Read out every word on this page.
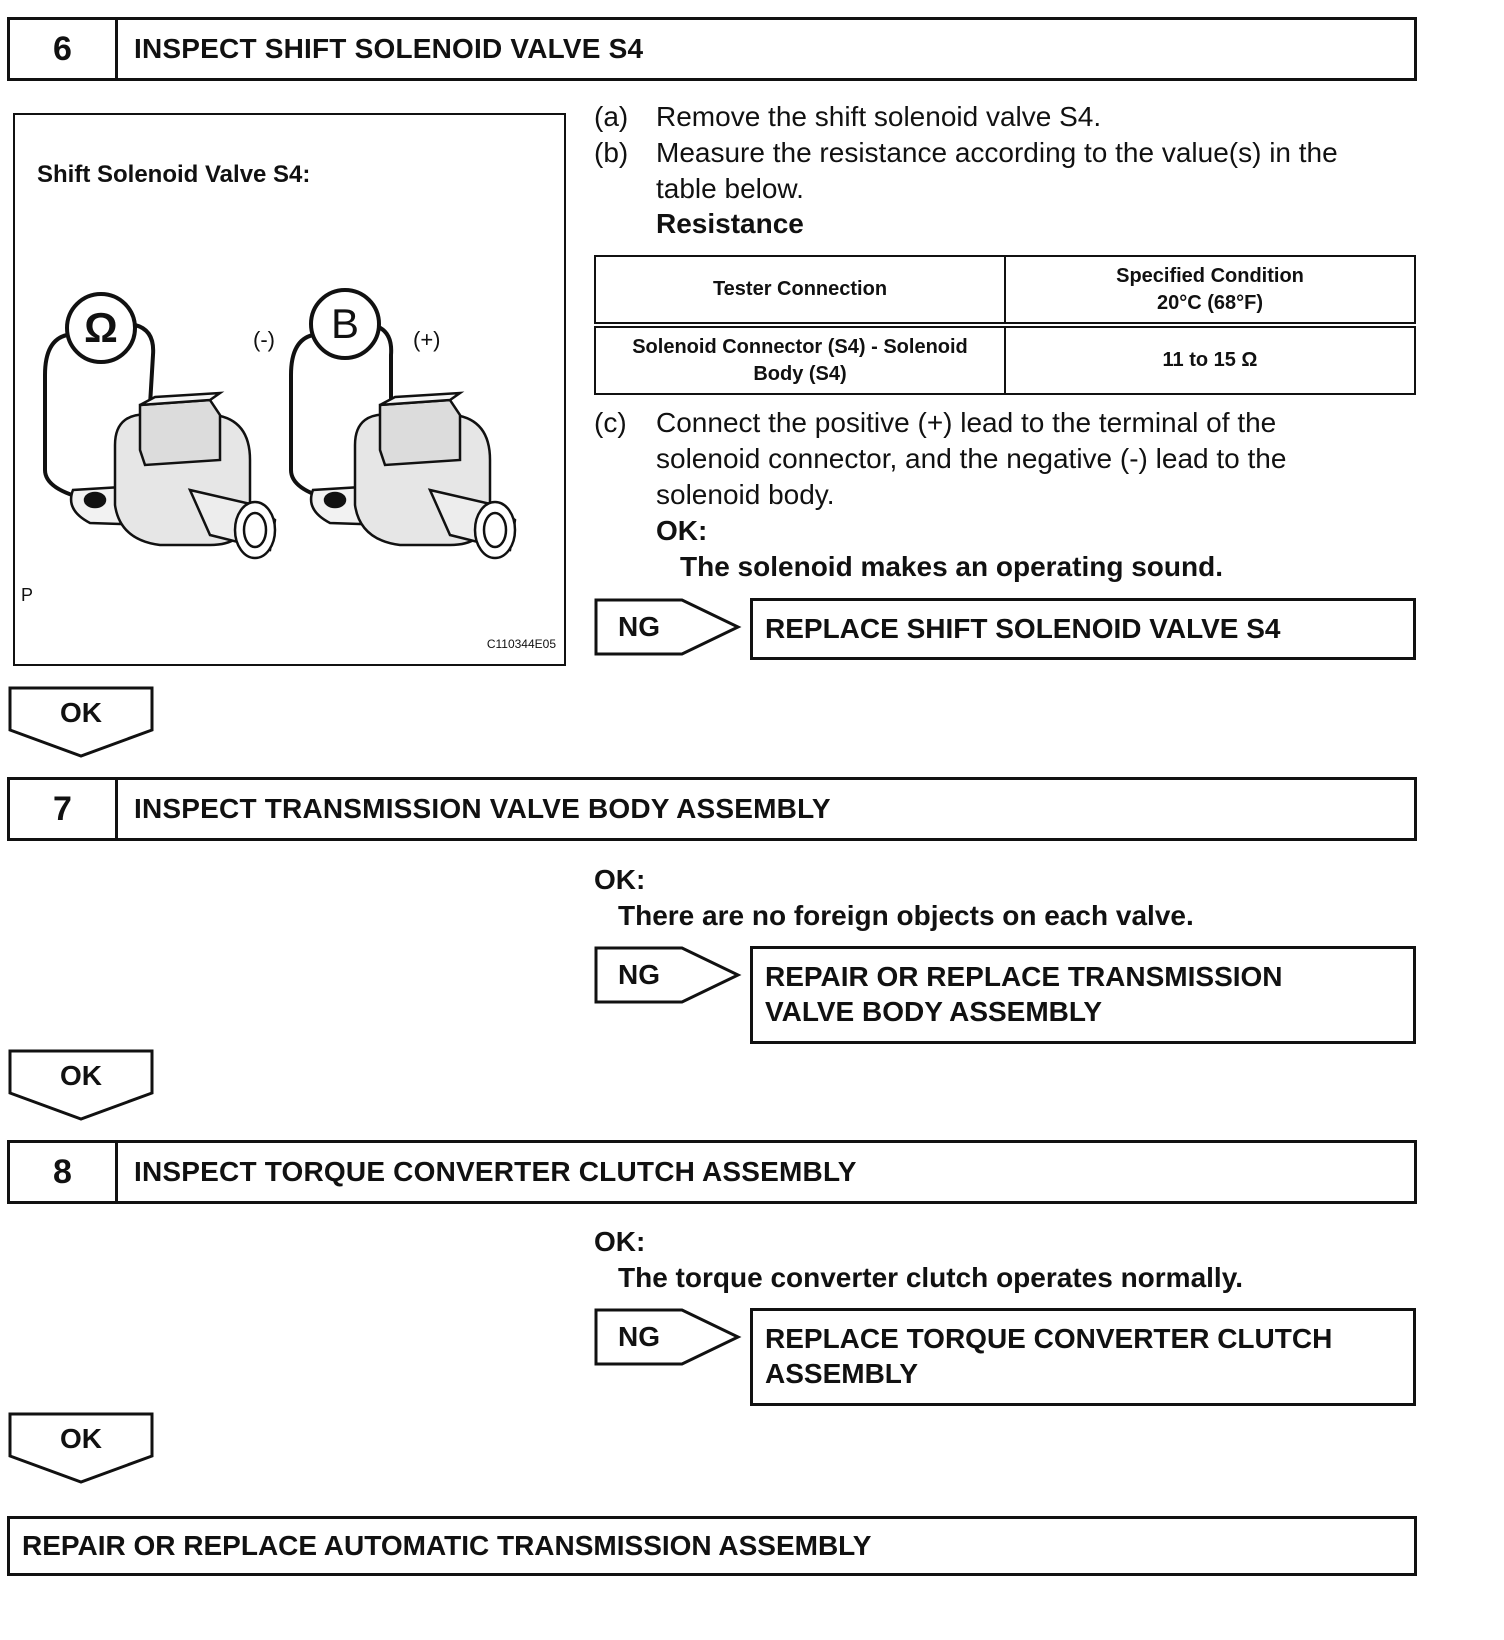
6	INSPECT SHIFT SOLENOID VALVE S4
Shift Solenoid Valve S4:
Ω	B
(-)	(+)
P
C110344E05
(a) Remove the shift solenoid valve S4.
(b) Measure the resistance according to the value(s) in the
table below.
Resistance
Tester Connection	Specified Condition
20°C (68°F)
Solenoid Connector (S4) - Solenoid
Body (S4)	11 to 15 Ω
(c) Connect the positive (+) lead to the terminal of the
solenoid connector, and the negative (-) lead to the
solenoid body.
OK:
The solenoid makes an operating sound.
NG	REPLACE SHIFT SOLENOID VALVE S4
OK
7	INSPECT TRANSMISSION VALVE BODY ASSEMBLY
OK:
There are no foreign objects on each valve.
NG	REPAIR OR REPLACE TRANSMISSION
VALVE BODY ASSEMBLY
OK
8	INSPECT TORQUE CONVERTER CLUTCH ASSEMBLY
OK:
The torque converter clutch operates normally.
NG	REPLACE TORQUE CONVERTER CLUTCH
ASSEMBLY
OK
REPAIR OR REPLACE AUTOMATIC TRANSMISSION ASSEMBLY
